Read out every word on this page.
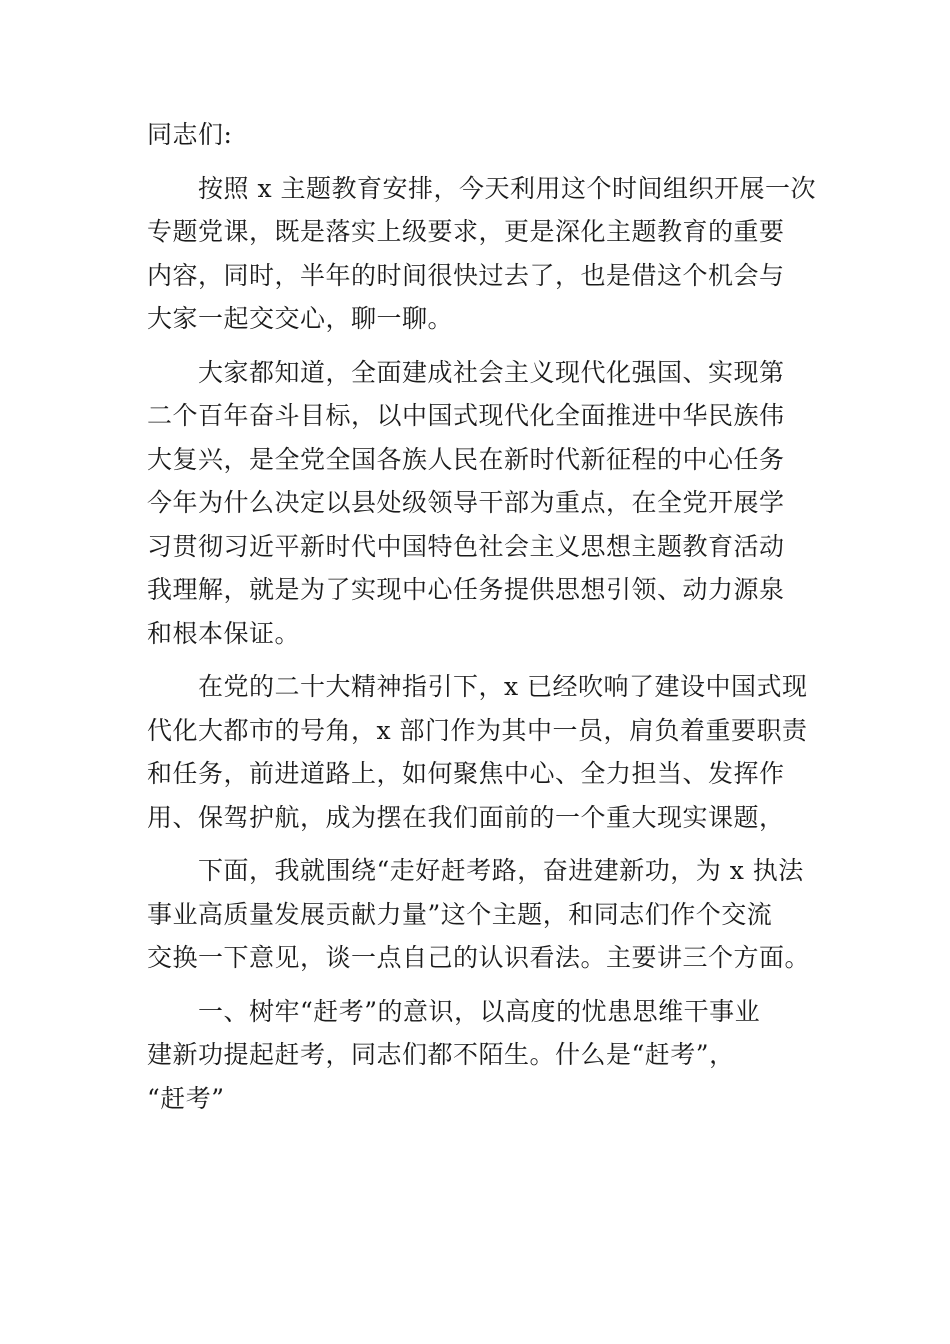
同志们:
　　按照 x 主题教育安排，今天利用这个时间组织开展一次
专题党课，既是落实上级要求，更是深化主题教育的重要
内容，同时，半年的时间很快过去了，也是借这个机会与
大家一起交交心，聊一聊。
　　大家都知道，全面建成社会主义现代化强国、实现第
二个百年奋斗目标，以中国式现代化全面推进中华民族伟
大复兴，是全党全国各族人民在新时代新征程的中心任务
今年为什么决定以县处级领导干部为重点，在全党开展学
习贯彻习近平新时代中国特色社会主义思想主题教育活动
我理解，就是为了实现中心任务提供思想引领、动力源泉
和根本保证。
　　在党的二十大精神指引下，x 已经吹响了建设中国式现
代化大都市的号角，x 部门作为其中一员，肩负着重要职责
和任务，前进道路上，如何聚焦中心、全力担当、发挥作
用、保驾护航，成为摆在我们面前的一个重大现实课题，
　　下面，我就围绕“走好赶考路，奋进建新功，为 x 执法
事业高质量发展贡献力量”这个主题，和同志们作个交流
交换一下意见，谈一点自己的认识看法。主要讲三个方面。
　　一、树牢“赶考”的意识，以高度的忧患思维干事业
建新功提起赶考，同志们都不陌生。什么是“赶考”，
“赶考”
